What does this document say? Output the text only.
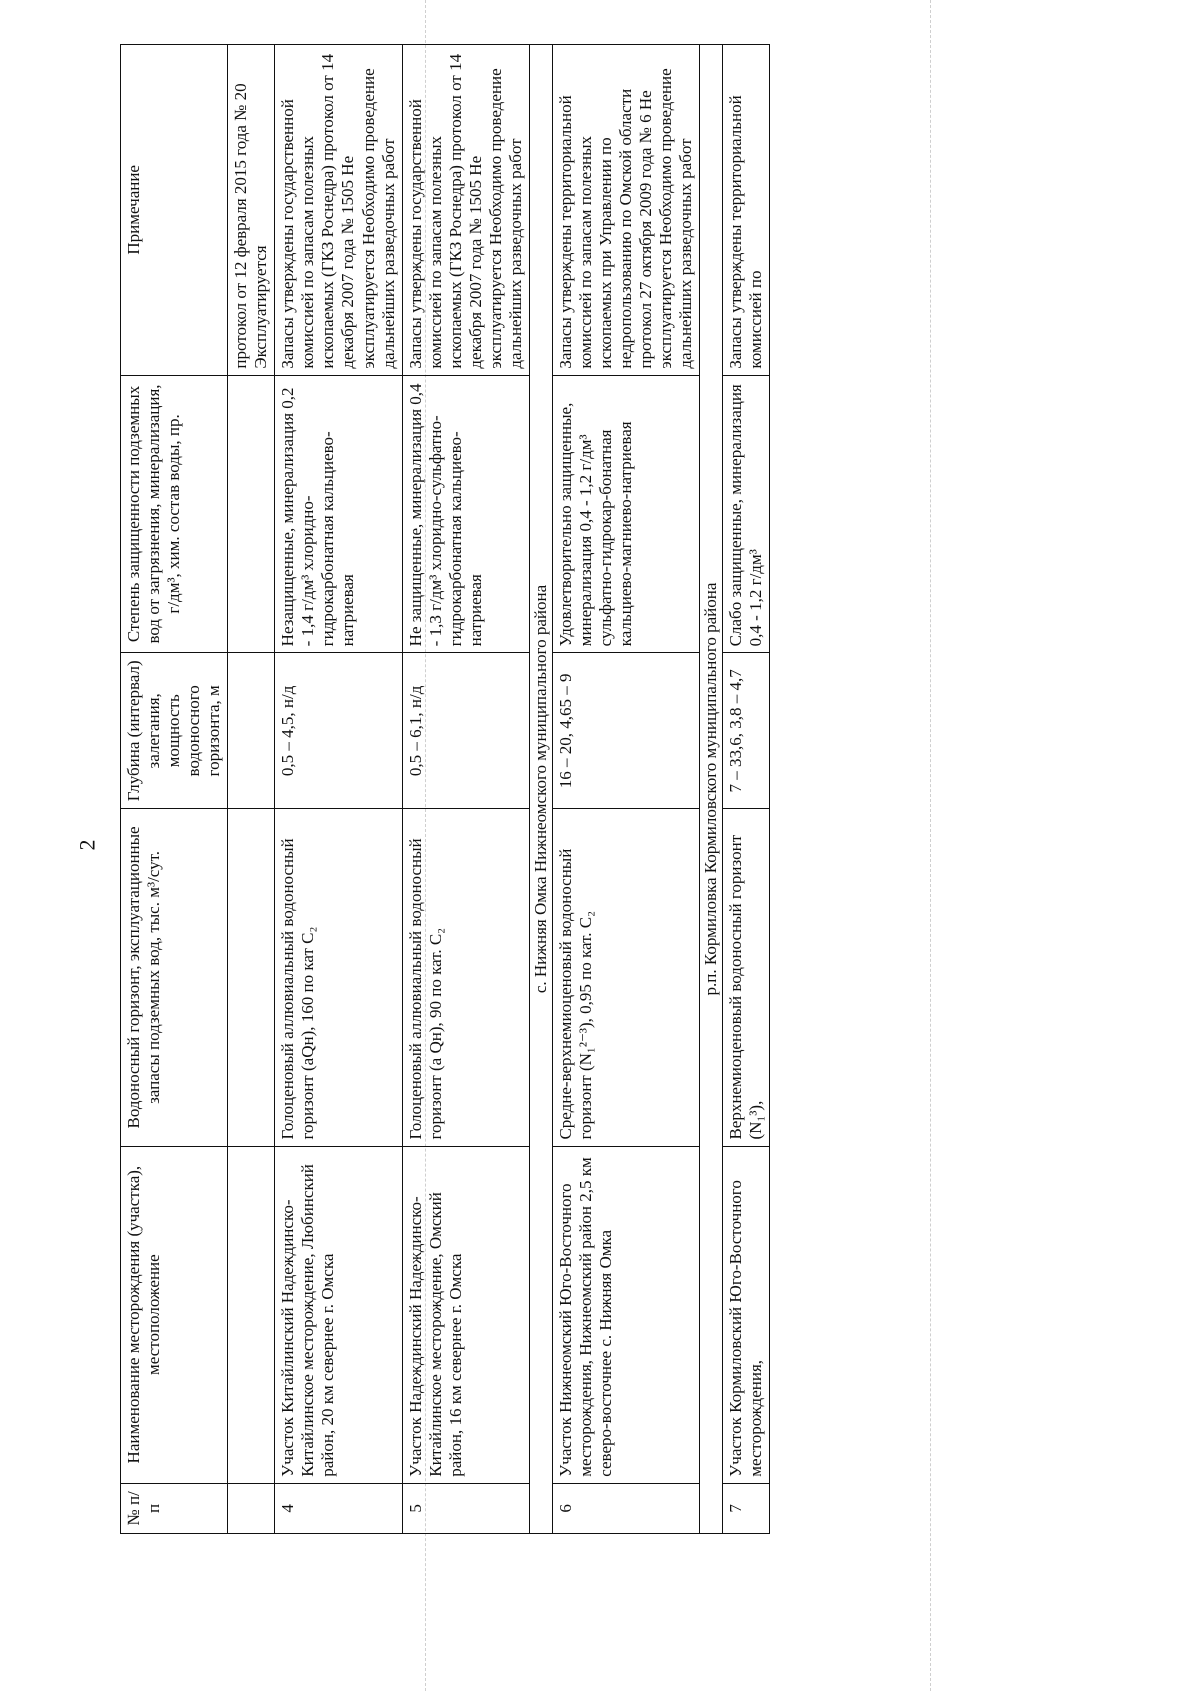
2
№ п/п	Наименование месторождения (участка), местоположение	Водоносный горизонт, эксплуатационные запасы подземных вод, тыс. м³/сут.	Глубина (интервал) залегания, мощность водоносного горизонта, м	Степень защищенности подземных вод от загрязнения, минерализация, г/дм³, хим. состав воды, пр.	Примечание
					протокол от 12 февраля 2015 года № 20 Эксплуатируется
4	Участок Китайлинский Надеждинско-Китайлинское месторождение, Любинский район, 20 км севернее г. Омска	Голоценовый аллювиальный водоносный горизонт (aQн), 160 по кат С₂	0,5 – 4,5, н/д	Незащищенные, минерализация 0,2 - 1,4 г/дм³ хлоридно-гидрокарбонатная кальциево-натриевая	Запасы утверждены государственной комиссией по запасам полезных ископаемых (ГКЗ Роснедра) протокол от 14 декабря 2007 года № 1505 Не эксплуатируется Необходимо проведение дальнейших разведочных работ
5	Участок Надеждинский Надеждинско-Китайлинское месторождение, Омский район, 16 км севернее г. Омска	Голоценовый аллювиальный водоносный горизонт (a Qн), 90 по кат. С₂	0,5 – 6,1, н/д	Не защищенные, минерализация 0,4 - 1,3 г/дм³ хлоридно-сульфатно-гидрокарбонатная кальциево-натриевая	Запасы утверждены государственной комиссией по запасам полезных ископаемых (ГКЗ Роснедра) протокол от 14 декабря 2007 года № 1505 Не эксплуатируется Необходимо проведение дальнейших разведочных работ
с. Нижняя Омка Нижнеомского муниципального района					
6	Участок Нижнеомский Юго-Восточного месторождения, Нижнеомский район 2,5 км северо-восточнее с. Нижняя Омка	Средне-верхнемиоценовый водоносный горизонт (N₁²⁻³), 0,95 по кат. С₂	16 – 20, 4,65 – 9	Удовлетворительно защищенные, минерализация 0,4 - 1,2 г/дм³ сульфатно-гидрокар-бонатная кальциево-магниево-натриевая	Запасы утверждены территориальной комиссией по запасам полезных ископаемых при Управлении по недропользованию по Омской области протокол 27 октября 2009 года № 6 Не эксплуатируется Необходимо проведение дальнейших разведочных работ
р.п. Кормиловка Кормиловского муниципального района					
7	Участок Кормиловский Юго-Восточного месторождения,	Верхнемиоценовый водоносный горизонт (N₁³),	7 – 33,6, 3,8 – 4,7	Слабо защищенные, минерализация 0,4 - 1,2 г/дм³	Запасы утверждены территориальной комиссией по
